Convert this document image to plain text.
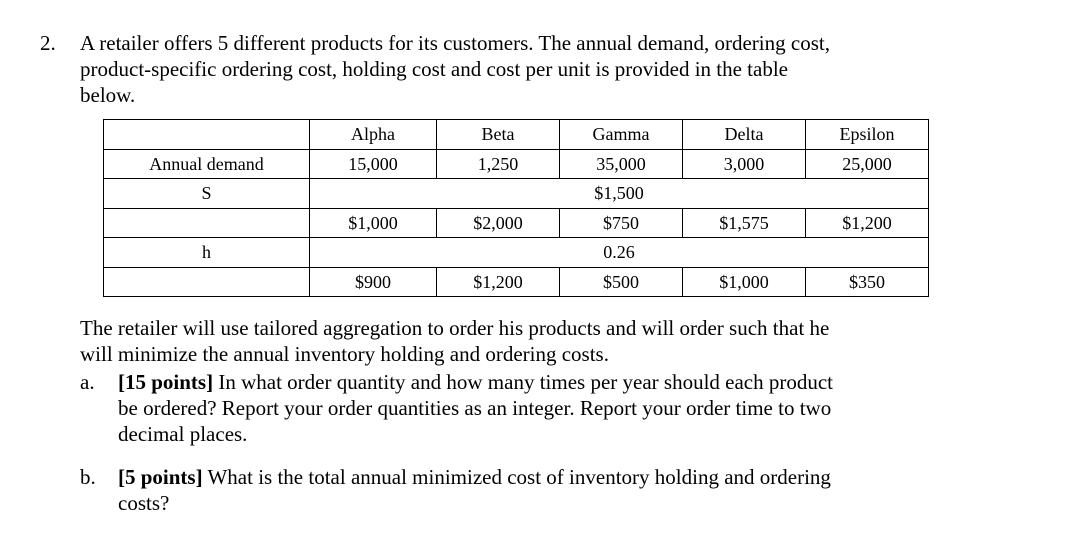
2. A retailer offers 5 different products for its customers. The annual demand, ordering cost,
product-specific ordering cost, holding cost and cost per unit is provided in the table
below.

	Alpha	Beta	Gamma	Delta	Epsilon
Annual demand	15,000	1,250	35,000	3,000	25,000
S	$1,500				
	$1,000	$2,000	$750	$1,575	$1,200
h	0.26				
	$900	$1,200	$500	$1,000	$350

The retailer will use tailored aggregation to order his products and will order such that he
will minimize the annual inventory holding and ordering costs.

a. [15 points] In what order quantity and how many times per year should each product
be ordered? Report your order quantities as an integer. Report your order time to two
decimal places.
b. [5 points] What is the total annual minimized cost of inventory holding and ordering
costs?
